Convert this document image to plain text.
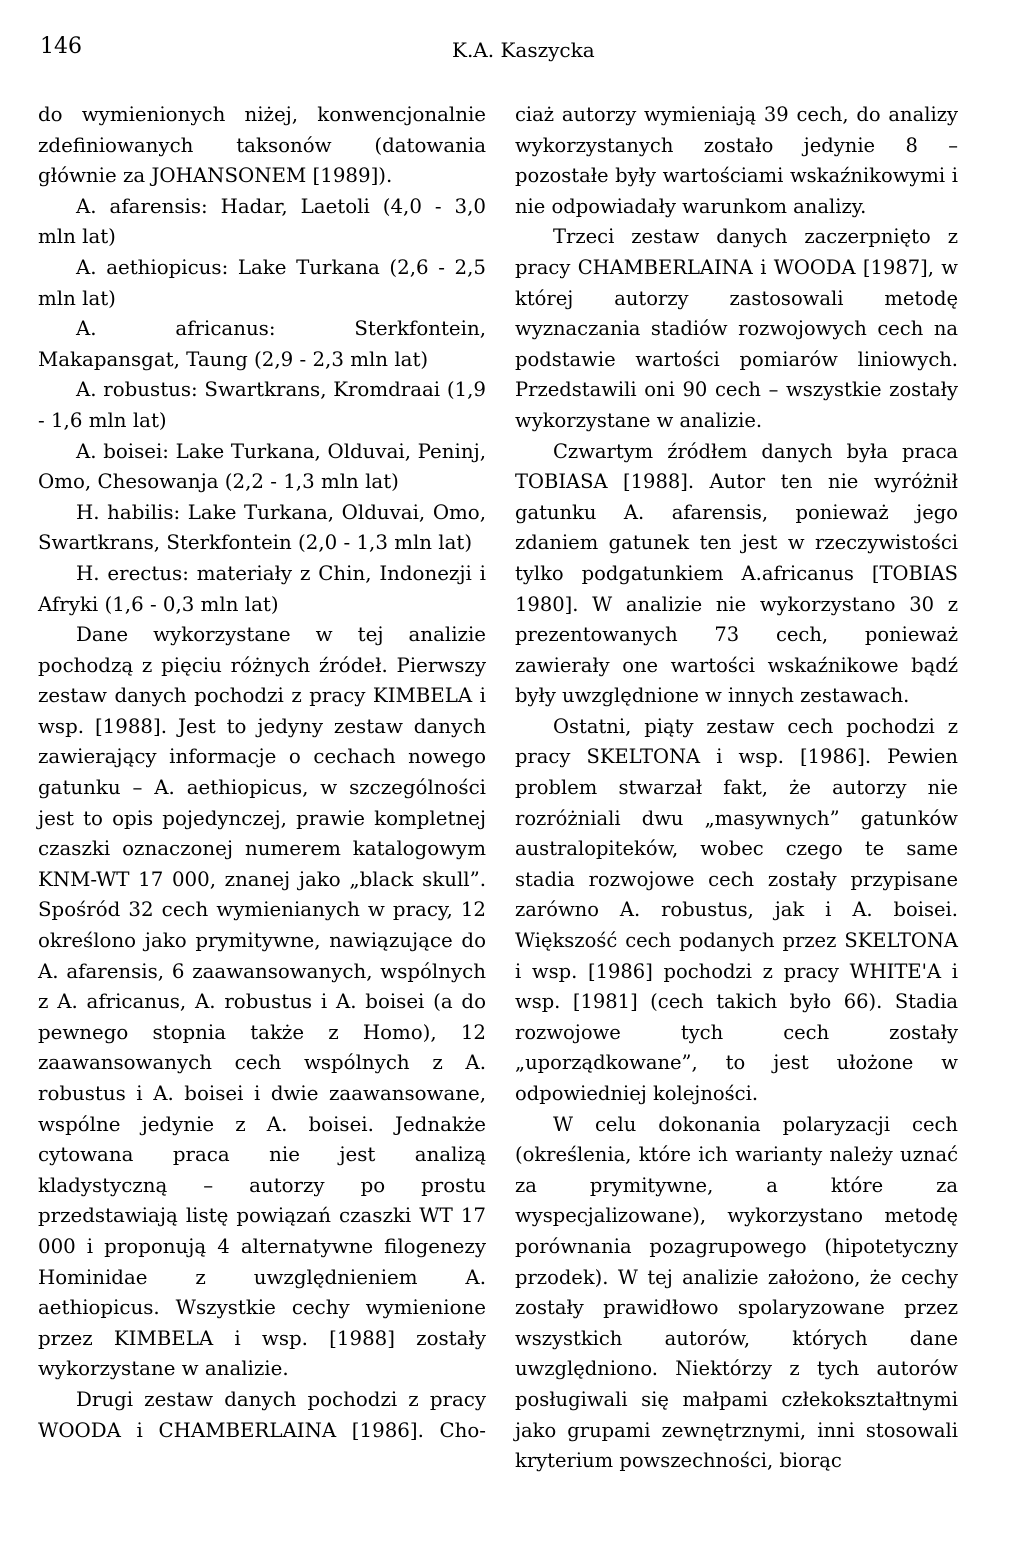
146	K.A. Kaszycka

do wymienionych niżej, konwencjonalnie zdefiniowanych taksonów (datowania głównie za JOHANSONEM [1989]).

A. afarensis: Hadar, Laetoli (4,0 - 3,0 mln lat)

A. aethiopicus: Lake Turkana (2,6 - 2,5 mln lat)

A. africanus: Sterkfontein, Makapansgat, Taung (2,9 - 2,3 mln lat)

A. robustus: Swartkrans, Kromdraai (1,9 - 1,6 mln lat)

A. boisei: Lake Turkana, Olduvai, Peninj, Omo, Chesowanja (2,2 - 1,3 mln lat)

H. habilis: Lake Turkana, Olduvai, Omo, Swartkrans, Sterkfontein (2,0 - 1,3 mln lat)

H. erectus: materiały z Chin, Indonezji i Afryki (1,6 - 0,3 mln lat)

Dane wykorzystane w tej analizie pochodzą z pięciu różnych źródeł. Pierwszy zestaw danych pochodzi z pracy KIMBELA i wsp. [1988]. Jest to jedyny zestaw danych zawierający informacje o cechach nowego gatunku – A. aethiopicus, w szczególności jest to opis pojedynczej, prawie kompletnej czaszki oznaczonej numerem katalogowym KNM-WT 17 000, znanej jako „black skull”. Spośród 32 cech wymienianych w pracy, 12 określono jako prymitywne, nawiązujące do A. afarensis, 6 zaawansowanych, wspólnych z A. africanus, A. robustus i A. boisei (a do pewnego stopnia także z Homo), 12 zaawansowanych cech wspólnych z A. robustus i A. boisei i dwie zaawansowane, wspólne jedynie z A. boisei. Jednakże cytowana praca nie jest analizą kladystyczną – autorzy po prostu przedstawiają listę powiązań czaszki WT 17 000 i proponują 4 alternatywne filogenezy Hominidae z uwzględnieniem A. aethiopicus. Wszystkie cechy wymienione przez KIMBELA i wsp. [1988] zostały wykorzystane w analizie.

Drugi zestaw danych pochodzi z pracy WOODA i CHAMBERLAINA [1986]. Cho-

ciaż autorzy wymieniają 39 cech, do analizy wykorzystanych zostało jedynie 8 – pozostałe były wartościami wskaźnikowymi i nie odpowiadały warunkom analizy.

Trzeci zestaw danych zaczerpnięto z pracy CHAMBERLAINA i WOODA [1987], w której autorzy zastosowali metodę wyznaczania stadiów rozwojowych cech na podstawie wartości pomiarów liniowych. Przedstawili oni 90 cech – wszystkie zostały wykorzystane w analizie.

Czwartym źródłem danych była praca TOBIASA [1988]. Autor ten nie wyróżnił gatunku A. afarensis, ponieważ jego zdaniem gatunek ten jest w rzeczywistości tylko podgatunkiem A.africanus [TOBIAS 1980]. W analizie nie wykorzystano 30 z prezentowanych 73 cech, ponieważ zawierały one wartości wskaźnikowe bądź były uwzględnione w innych zestawach.

Ostatni, piąty zestaw cech pochodzi z pracy SKELTONA i wsp. [1986]. Pewien problem stwarzał fakt, że autorzy nie rozróżniali dwu „masywnych” gatunków australopiteków, wobec czego te same stadia rozwojowe cech zostały przypisane zarówno A. robustus, jak i A. boisei. Większość cech podanych przez SKELTONA i wsp. [1986] pochodzi z pracy WHITE'A i wsp. [1981] (cech takich było 66). Stadia rozwojowe tych cech zostały „uporządkowane”, to jest ułożone w odpowiedniej kolejności.

W celu dokonania polaryzacji cech (określenia, które ich warianty należy uznać za prymitywne, a które za wyspecjalizowane), wykorzystano metodę porównania pozagrupowego (hipotetyczny przodek). W tej analizie założono, że cechy zostały prawidłowo spolaryzowane przez wszystkich autorów, których dane uwzględniono. Niektórzy z tych autorów posługiwali się małpami człekokształtnymi jako grupami zewnętrznymi, inni stosowali kryterium powszechności, biorąc
